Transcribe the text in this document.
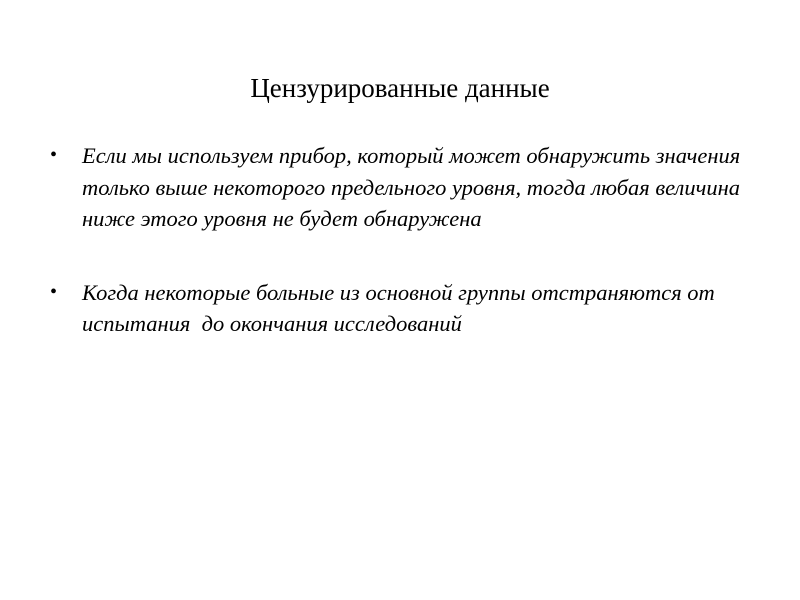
Цензурированные данные
• Если мы используем прибор, который может обнаружить значения только выше некоторого предельного уровня, тогда любая величина ниже этого уровня не будет обнаружена
• Когда некоторые больные из основной группы отстраняются от испытания  до окончания исследований
